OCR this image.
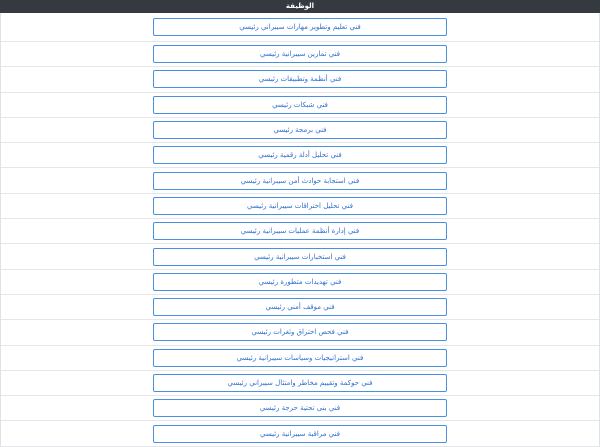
الوظيفة
فني تعليم وتطوير مهارات سيبراني رئيسي
فني تمارين سيبرانية رئيسي
فني أنظمة وتطبيقات رئيسي
فني شبكات رئيسي
فني برمجة رئيسي
فني تحليل أدلة رقمية رئيسي
فني استجابة حوادث أمن سيبرانية رئيسي
فني تحليل اختراقات سيبرانية رئيسي
فني إدارة أنظمة عمليات سيبرانية رئيسي
فني استخبارات سيبرانية رئيسي
فني تهديدات متطورة رئيسي
فني موقف أمني رئيسي
فني فحص اختراق وثغرات رئيسي
فني استراتيجيات وسياسات سيبرانية رئيسي
فني حوكمة وتقييم مخاطر وامتثال سيبراني رئيسي
فني بنى تحتية حرجة رئيسي
فني مراقبة سيبرانية رئيسي
